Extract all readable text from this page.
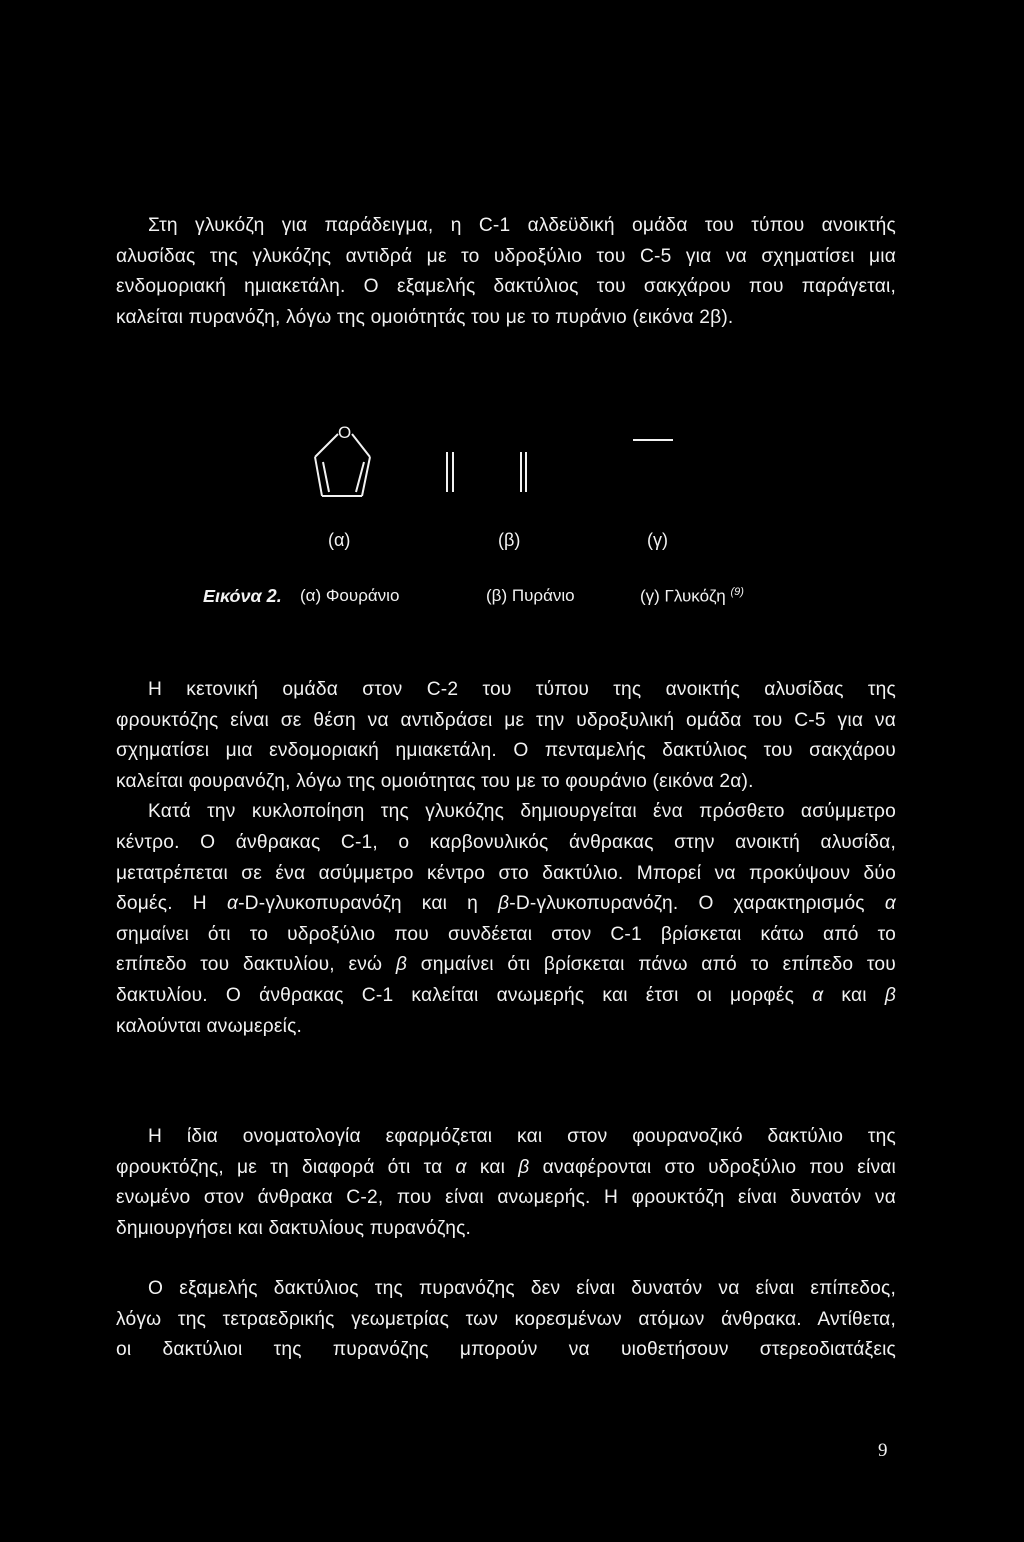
Στη γλυκόζη για παράδειγμα, η C-1 αλδεϋδική ομάδα του τύπου ανοικτής
αλυσίδας της γλυκόζης αντιδρά με το υδροξύλιο του C-5 για να σχηματίσει μια
ενδομοριακή ημιακετάλη. Ο εξαμελής δακτύλιος του σακχάρου που παράγεται,
καλείται πυρανόζη, λόγω της ομοιότητάς του με το πυράνιο (εικόνα 2β).
O
(α)	(β)	(γ)
Εικόνα 2. (α) Φουράνιο	(β) Πυράνιο	(γ) Γλυκόζη $^{(9)}$
Η κετονική ομάδα στον C-2 του τύπου της ανοικτής αλυσίδας της
φρουκτόζης είναι σε θέση να αντιδράσει με την υδροξυλική ομάδα του C-5 για να
σχηματίσει μια ενδομοριακή ημιακετάλη. Ο πενταμελής δακτύλιος του σακχάρου
καλείται φουρανόζη, λόγω της ομοιότητας του με το φουράνιο (εικόνα 2α).
Κατά την κυκλοποίηση της γλυκόζης δημιουργείται ένα πρόσθετο ασύμμετρο
κέντρο. Ο άνθρακας C-1, ο καρβονυλικός άνθρακας στην ανοικτή αλυσίδα,
μετατρέπεται σε ένα ασύμμετρο κέντρο στο δακτύλιο. Μπορεί να προκύψουν δύο
δομές. Η α-D-γλυκοπυρανόζη και η β-D-γλυκοπυρανόζη. Ο χαρακτηρισμός α
σημαίνει ότι το υδροξύλιο που συνδέεται στον C-1 βρίσκεται κάτω από το
επίπεδο του δακτυλίου, ενώ β σημαίνει ότι βρίσκεται πάνω από το επίπεδο του
δακτυλίου. Ο άνθρακας C-1 καλείται ανωμερής και έτσι οι μορφές α και β
καλούνται ανωμερείς.
Η ίδια ονοματολογία εφαρμόζεται και στον φουρανοζικό δακτύλιο της
φρουκτόζης, με τη διαφορά ότι τα α και β αναφέρονται στο υδροξύλιο που είναι
ενωμένο στον άνθρακα C-2, που είναι ανωμερής. Η φρουκτόζη είναι δυνατόν να
δημιουργήσει και δακτυλίους πυρανόζης.
Ο εξαμελής δακτύλιος της πυρανόζης δεν είναι δυνατόν να είναι επίπεδος,
λόγω της τετραεδρικής γεωμετρίας των κορεσμένων ατόμων άνθρακα. Αντίθετα,
οι δακτύλιοι της πυρανόζης μπορούν να υιοθετήσουν στερεοδιατάξεις
9
